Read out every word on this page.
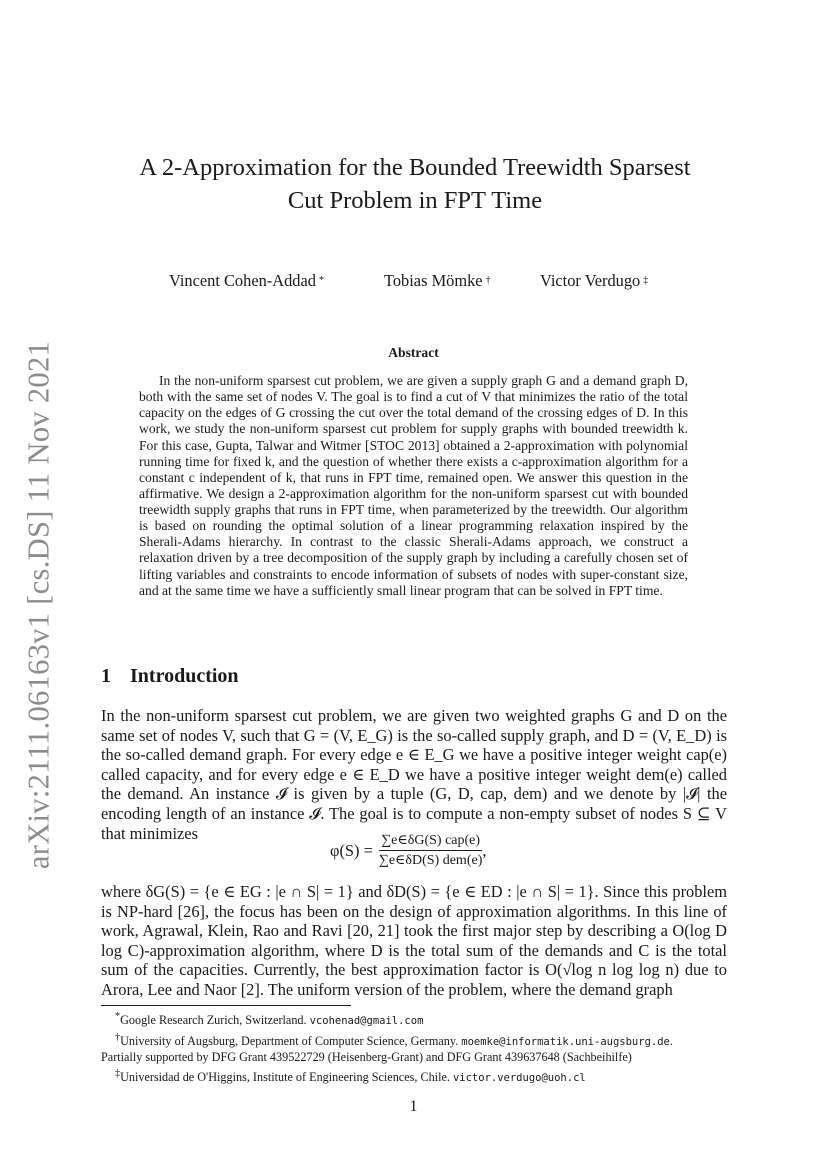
arXiv:2111.06163v1 [cs.DS] 11 Nov 2021
A 2-Approximation for the Bounded Treewidth Sparsest
Cut Problem in FPT Time
Vincent Cohen-Addad *	Tobias Mömke †	Victor Verdugo ‡
Abstract

In the non-uniform sparsest cut problem, we are given a supply graph G and a demand graph D, both with the same set of nodes V. The goal is to find a cut of V that minimizes the ratio of the total capacity on the edges of G crossing the cut over the total demand of the crossing edges of D. In this work, we study the non-uniform sparsest cut problem for supply graphs with bounded treewidth k. For this case, Gupta, Talwar and Witmer [STOC 2013] obtained a 2-approximation with polynomial running time for fixed k, and the question of whether there exists a c-approximation algorithm for a constant c independent of k, that runs in FPT time, remained open. We answer this question in the affirmative. We design a 2-approximation algorithm for the non-uniform sparsest cut with bounded treewidth supply graphs that runs in FPT time, when parameterized by the treewidth. Our algorithm is based on rounding the optimal solution of a linear programming relaxation inspired by the Sherali-Adams hierarchy. In contrast to the classic Sherali-Adams approach, we construct a relaxation driven by a tree decomposition of the supply graph by including a carefully chosen set of lifting variables and constraints to encode information of subsets of nodes with super-constant size, and at the same time we have a sufficiently small linear program that can be solved in FPT time.

1 Introduction

In the non-uniform sparsest cut problem, we are given two weighted graphs G and D on the same set of nodes V, such that G = (V, E_G) is the so-called supply graph, and D = (V, E_D) is the so-called demand graph. For every edge e ∈ E_G we have a positive integer weight cap(e) called capacity, and for every edge e ∈ E_D we have a positive integer weight dem(e) called the demand. An instance 𝓘 is given by a tuple (G, D, cap, dem) and we denote by |𝓘| the encoding length of an instance 𝓘. The goal is to compute a non-empty subset of nodes S ⊆ V that minimizes

$\varphi(S) = \frac{\text{∑e∈δG(S) cap(e)}}{\text{∑e∈δD(S) dem(e)}}$ ,

where δG(S) = {e ∈ EG : |e ∩ S| = 1} and δD(S) = {e ∈ ED : |e ∩ S| = 1}. Since this problem is NP-hard [26], the focus has been on the design of approximation algorithms. In this line of work, Agrawal, Klein, Rao and Ravi [20, 21] took the first major step by describing a O(log D log C)-approximation algorithm, where D is the total sum of the demands and C is the total sum of the capacities. Currently, the best approximation factor is O(√log n log log n) due to Arora, Lee and Naor [2]. The uniform version of the problem, where the demand graph

*Google Research Zurich, Switzerland. vcohenad@gmail.com

†University of Augsburg, Department of Computer Science, Germany. moemke@informatik.uni-augsburg.de.

Partially supported by DFG Grant 439522729 (Heisenberg-Grant) and DFG Grant 439637648 (Sachbeihilfe)

‡Universidad de O'Higgins, Institute of Engineering Sciences, Chile. victor.verdugo@uoh.cl

1
